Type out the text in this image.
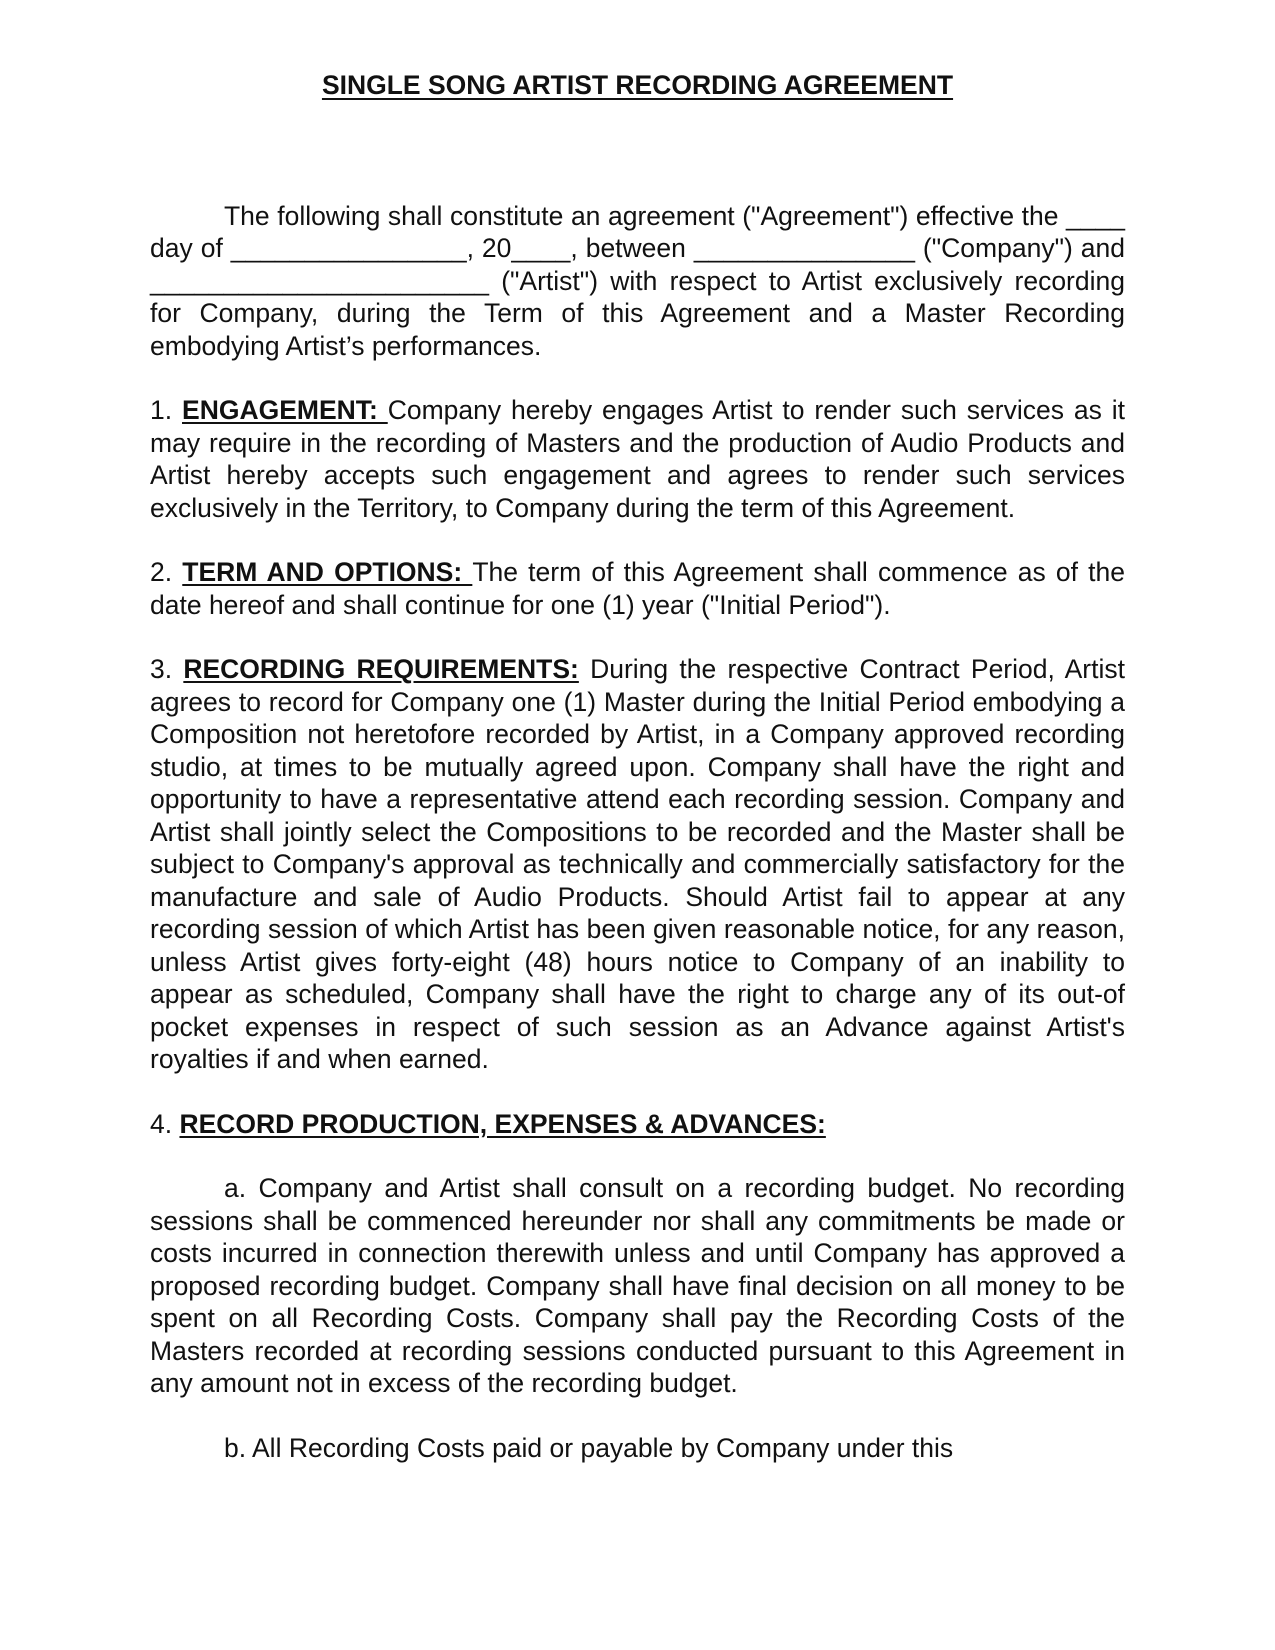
SINGLE SONG ARTIST RECORDING AGREEMENT

The following shall constitute an agreement ("Agreement") effective the ____ day of ________________, 20____, between _______________ ("Company") and _______________________ ("Artist") with respect to Artist exclusively recording for Company, during the Term of this Agreement and a Master Recording embodying Artist’s performances.

1. ENGAGEMENT: Company hereby engages Artist to render such services as it may require in the recording of Masters and the production of Audio Products and Artist hereby accepts such engagement and agrees to render such services exclusively in the Territory, to Company during the term of this Agreement.

2. TERM AND OPTIONS: The term of this Agreement shall commence as of the date hereof and shall continue for one (1) year ("Initial Period").

3. RECORDING REQUIREMENTS: During the respective Contract Period, Artist agrees to record for Company one (1) Master during the Initial Period embodying a Composition not heretofore recorded by Artist, in a Company approved recording studio, at times to be mutually agreed upon. Company shall have the right and opportunity to have a representative attend each recording session. Company and Artist shall jointly select the Compositions to be recorded and the Master shall be subject to Company's approval as technically and commercially satisfactory for the manufacture and sale of Audio Products. Should Artist fail to appear at any recording session of which Artist has been given reasonable notice, for any reason, unless Artist gives forty-eight (48) hours notice to Company of an inability to appear as scheduled, Company shall have the right to charge any of its out-of pocket expenses in respect of such session as an Advance against Artist's royalties if and when earned.

4. RECORD PRODUCTION, EXPENSES & ADVANCES:

a. Company and Artist shall consult on a recording budget. No recording sessions shall be commenced hereunder nor shall any commitments be made or costs incurred in connection therewith unless and until Company has approved a proposed recording budget. Company shall have final decision on all money to be spent on all Recording Costs. Company shall pay the Recording Costs of the Masters recorded at recording sessions conducted pursuant to this Agreement in any amount not in excess of the recording budget.

b. All Recording Costs paid or payable by Company under this
